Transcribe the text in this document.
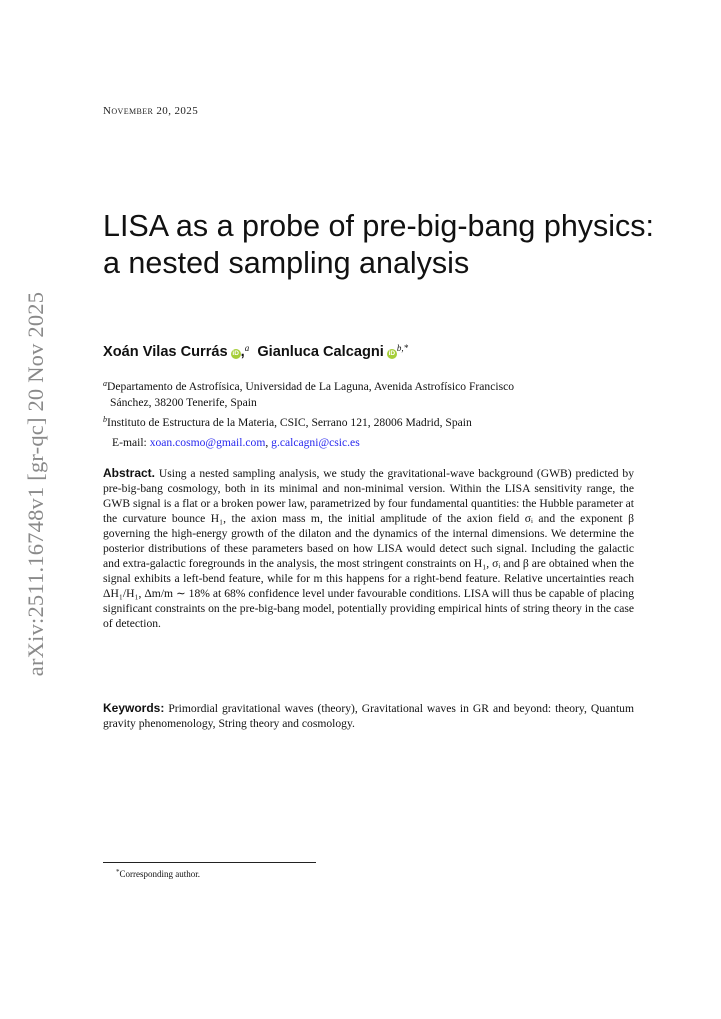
arXiv:2511.16748v1 [gr-qc] 20 Nov 2025
November 20, 2025
LISA as a probe of pre-big-bang physics: a nested sampling analysis
Xoán Vilas Currás iD ,$^a$ Gianluca Calcagni $iD^{b,*}$
$^a$Departamento de Astrofísica, Universidad de La Laguna, Avenida Astrofísico Francisco
Sánchez, 38200 Tenerife, Spain
$^b$Instituto de Estructura de la Materia, CSIC, Serrano 121, 28006 Madrid, Spain
E-mail: xoan.cosmo@gmail.com, g.calcagni@csic.es

Abstract. Using a nested sampling analysis, we study the gravitational-wave background (GWB) predicted by pre-big-bang cosmology, both in its minimal and non-minimal version. Within the LISA sensitivity range, the GWB signal is a flat or a broken power law, parametrized by four fundamental quantities: the Hubble parameter at the curvature bounce H₁, the axion mass m, the initial amplitude of the axion field σᵢ and the exponent β governing the high-energy growth of the dilaton and the dynamics of the internal dimensions. We determine the posterior distributions of these parameters based on how LISA would detect such signal. Including the galactic and extra-galactic foregrounds in the analysis, the most stringent constraints on H₁, σᵢ and β are obtained when the signal exhibits a left-bend feature, while for m this happens for a right-bend feature. Relative uncertainties reach ΔH₁/H₁, Δm/m ∼ 18% at 68% confidence level under favourable conditions. LISA will thus be capable of placing significant constraints on the pre-big-bang model, potentially providing empirical hints of string theory in the case of detection.

Keywords: Primordial gravitational waves (theory), Gravitational waves in GR and beyond: theory, Quantum gravity phenomenology, String theory and cosmology.

*Corresponding author.
